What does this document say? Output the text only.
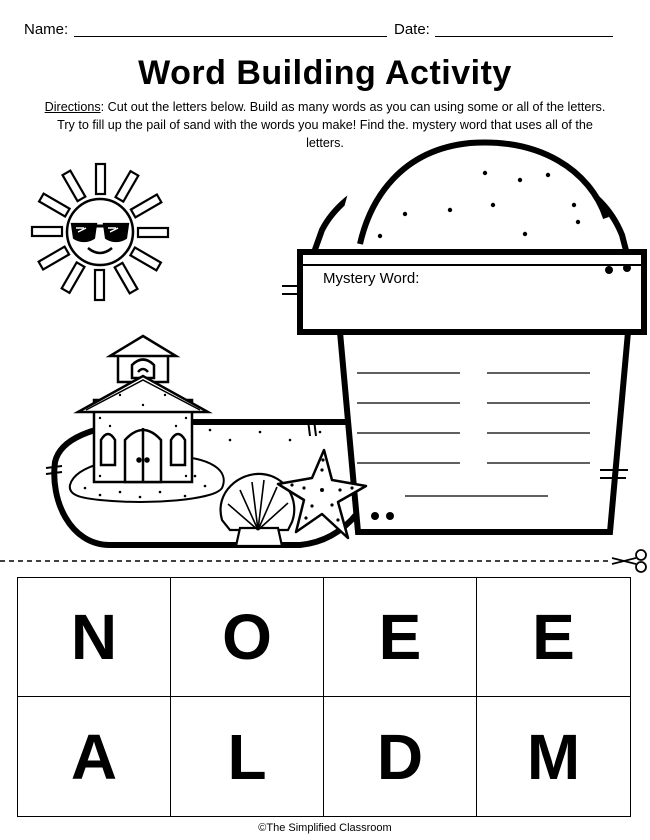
Name:	Date:
Word Building Activity
Directions: Cut out the letters below. Build as many words as you can using some or all of the letters. Try to fill up the pail of sand with the words you make! Find the. mystery word that uses all of the letters.
Mystery Word:
N	O	E	E
A	L	D	M
©The Simplified Classroom
